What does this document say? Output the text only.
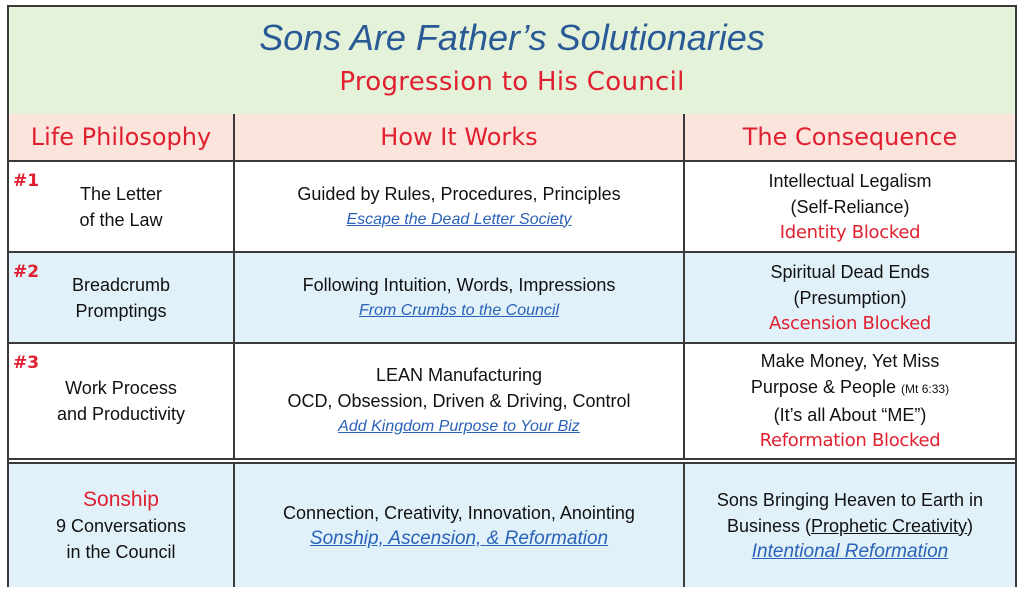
Sons Are Father’s Solutionaries
Progression to His Council
Life Philosophy	How It Works	The Consequence
#1
The Letter
of the Law
Guided by Rules, Procedures, Principles
Escape the Dead Letter Society
Intellectual Legalism
(Self-Reliance)
Identity Blocked
#2
Breadcrumb
Promptings
Following Intuition, Words, Impressions
From Crumbs to the Council
Spiritual Dead Ends
(Presumption)
Ascension Blocked
#3
Work Process
and Productivity
LEAN Manufacturing
OCD, Obsession, Driven & Driving, Control
Add Kingdom Purpose to Your Biz
Make Money, Yet Miss
Purpose & People (Mt 6:33)
(It’s all About “ME”)
Reformation Blocked
Sonship
9 Conversations
in the Council
Connection, Creativity, Innovation, Anointing
Sonship, Ascension, & Reformation
Sons Bringing Heaven to Earth in
Business (Prophetic Creativity)
Intentional Reformation
